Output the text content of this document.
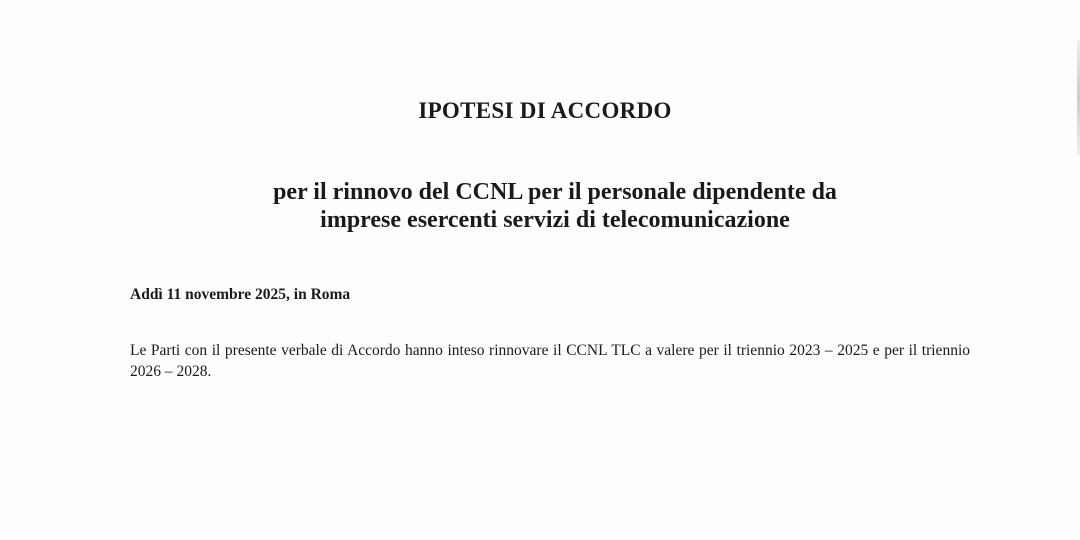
IPOTESI DI ACCORDO
per il rinnovo del CCNL per il personale dipendente da
imprese esercenti servizi di telecomunicazione
Addì 11 novembre 2025, in Roma
Le Parti con il presente verbale di Accordo hanno inteso rinnovare il CCNL TLC a valere per il triennio 2023 – 2025 e per il triennio 2026 – 2028.
